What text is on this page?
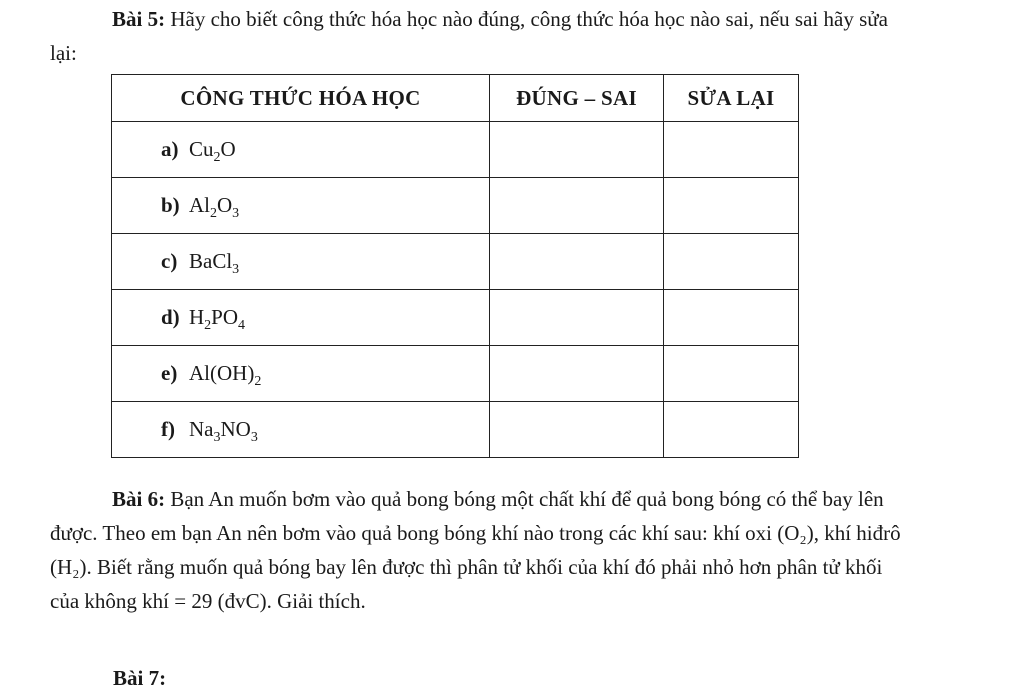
Bài 5: Hãy cho biết công thức hóa học nào đúng, công thức hóa học nào sai, nếu sai hãy sửa lại:

CÔNG THỨC HÓA HỌC	ĐÚNG – SAI	SỬA LẠI
a) $Cu_2O$		
b) $Al_2O_3$		
c) BaCl$_3$		
d) $H_2PO_4$		
e) $Al(OH)_2$		
f) $Na_3NO_3$		

Bài 6: Bạn An muốn bơm vào quả bong bóng một chất khí để quả bong bóng có thể bay lên được. Theo em bạn An nên bơm vào quả bong bóng khí nào trong các khí sau: khí oxi (O₂), khí hiđrô (H₂). Biết rằng muốn quả bóng bay lên được thì phân tử khối của khí đó phải nhỏ hơn phân tử khối của không khí = 29 (đvC). Giải thích.

Bài 7:
